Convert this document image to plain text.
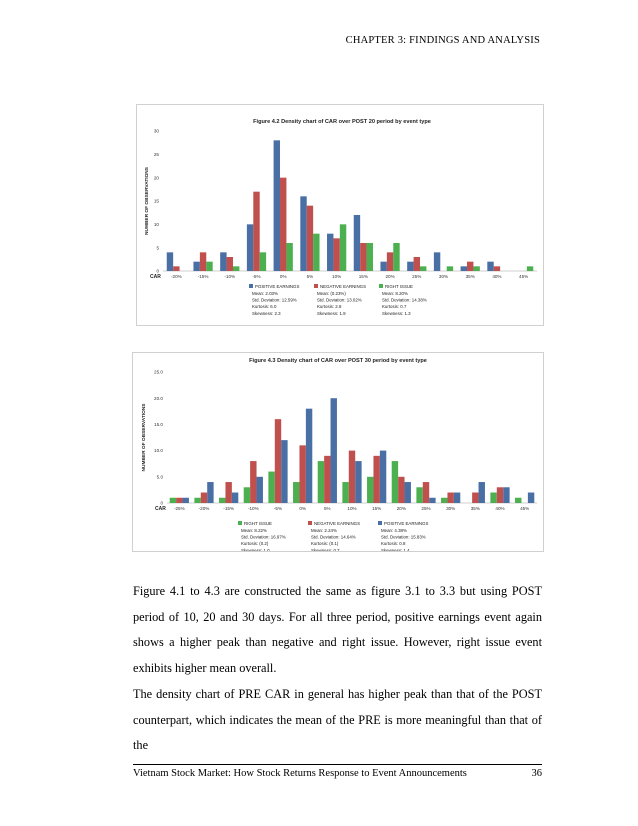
CHAPTER 3: FINDINGS AND ANALYSIS
Figure 4.2 Density chart of CAR over POST 20 period by event type
NUMBER OF OBSERVATIONS
0
5
10
15
20
25
30
CAR -20%	-15%	-10%	-5%	0%	5%	10%	15%	20%	25%	30%	35%	40%	45%
POSITIVE EARNINGS
Mean: 2.03%
Std. Deviation: 12.59%
Kurtosis: 6.0
Skewness: 2.3
NEGATIVE EARNINGS
Mean: (0.23%)
Std. Deviation: 13.02%
Kurtosis: 2.8
Skewness: 1.9
RIGHT ISSUE
Mean: 8.20%
Std. Deviation: 14.38%
Kurtosis: 0.7
Skewness: 1.3
Figure 4.3 Density chart of CAR over POST 30 period by event type
NUMBER OF OBSERVATIONS
0
5.0
10.0
15.0
20.0
25.0
CAR -25%	-20%	-15%	-10%	-5%	0%	5%	10%	15%	20%	25%	30%	35%	40%	45%
RIGHT ISSUE
Mean: 8.22%
Std. Deviation: 16.97%
Kurtosis: (0.2)
Skewness: 1.0
NEGATIVE EARNINGS
Mean: 2.24%
Std. Deviation: 14.64%
Kurtosis: (0.1)
Skewness: 0.7
POSITIVE EARNINGS
Mean: 4.38%
Std. Deviation: 15.83%
Kurtosis: 0.8
Skewness: 1.4
Figure 4.1 to 4.3 are constructed the same as figure 3.1 to 3.3 but using POST period of 10, 20 and 30 days. For all three period, positive earnings event again shows a higher peak than negative and right issue. However, right issue event exhibits higher mean overall.
The density chart of PRE CAR in general has higher peak than that of the POST counterpart, which indicates the mean of the PRE is more meaningful than that of the
Vietnam Stock Market: How Stock Returns Response to Event Announcements	36
